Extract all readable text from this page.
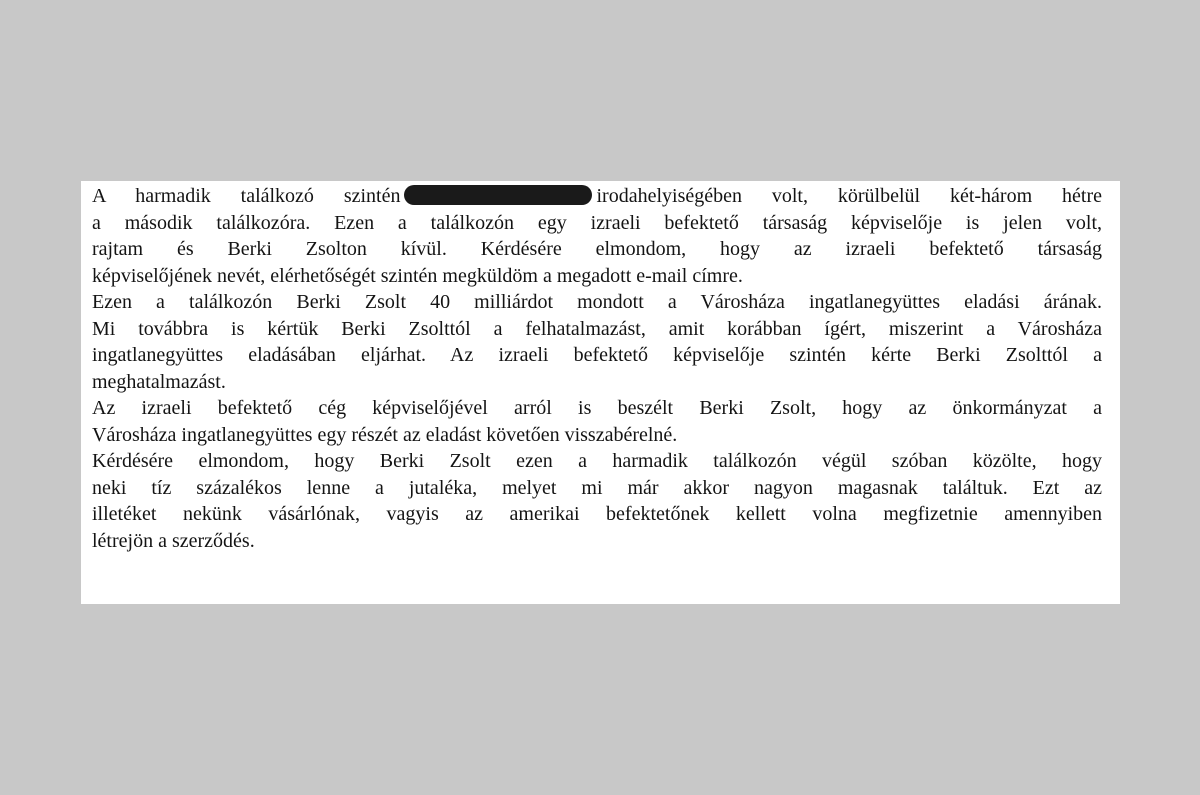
A harmadik találkozó szintén	irodahelyiségében volt, körülbelül két-három hétre
a második találkozóra. Ezen a találkozón egy izraeli befektető társaság képviselője is jelen volt,
rajtam és Berki Zsolton kívül. Kérdésére elmondom, hogy az izraeli befektető társaság
képviselőjének nevét, elérhetőségét szintén megküldöm a megadott e-mail címre.
Ezen a találkozón Berki Zsolt 40 milliárdot mondott a Városháza ingatlanegyüttes eladási árának.
Mi továbbra is kértük Berki Zsolttól a felhatalmazást, amit korábban ígért, miszerint a Városháza
ingatlanegyüttes eladásában eljárhat. Az izraeli befektető képviselője szintén kérte Berki Zsolttól a
meghatalmazást.
Az izraeli befektető cég képviselőjével arról is beszélt Berki Zsolt, hogy az önkormányzat a
Városháza ingatlanegyüttes egy részét az eladást követően visszabérelné.
Kérdésére elmondom, hogy Berki Zsolt ezen a harmadik találkozón végül szóban közölte, hogy
neki tíz százalékos lenne a jutaléka, melyet mi már akkor nagyon magasnak találtuk. Ezt az
illetéket nekünk vásárlónak, vagyis az amerikai befektetőnek kellett volna megfizetnie amennyiben
létrejön a szerződés.
